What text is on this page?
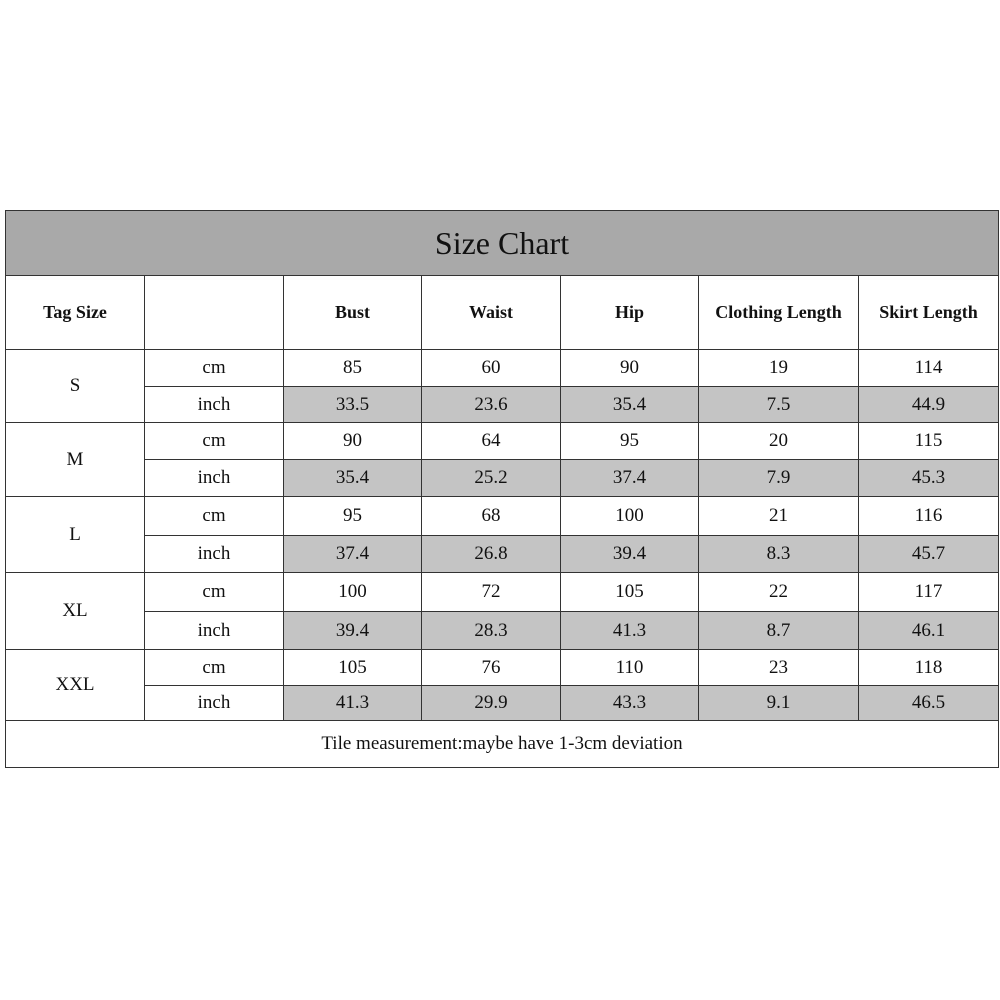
Size Chart						
Tag Size		Bust	Waist	Hip	Clothing Length	Skirt Length
S	cm	85	60	90	19	114
	inch	33.5	23.6	35.4	7.5	44.9
M	cm	90	64	95	20	115
	inch	35.4	25.2	37.4	7.9	45.3
L	cm	95	68	100	21	116
	inch	37.4	26.8	39.4	8.3	45.7
XL	cm	100	72	105	22	117
	inch	39.4	28.3	41.3	8.7	46.1
XXL	cm	105	76	110	23	118
	inch	41.3	29.9	43.3	9.1	46.5
Tile measurement:maybe have 1-3cm deviation						
